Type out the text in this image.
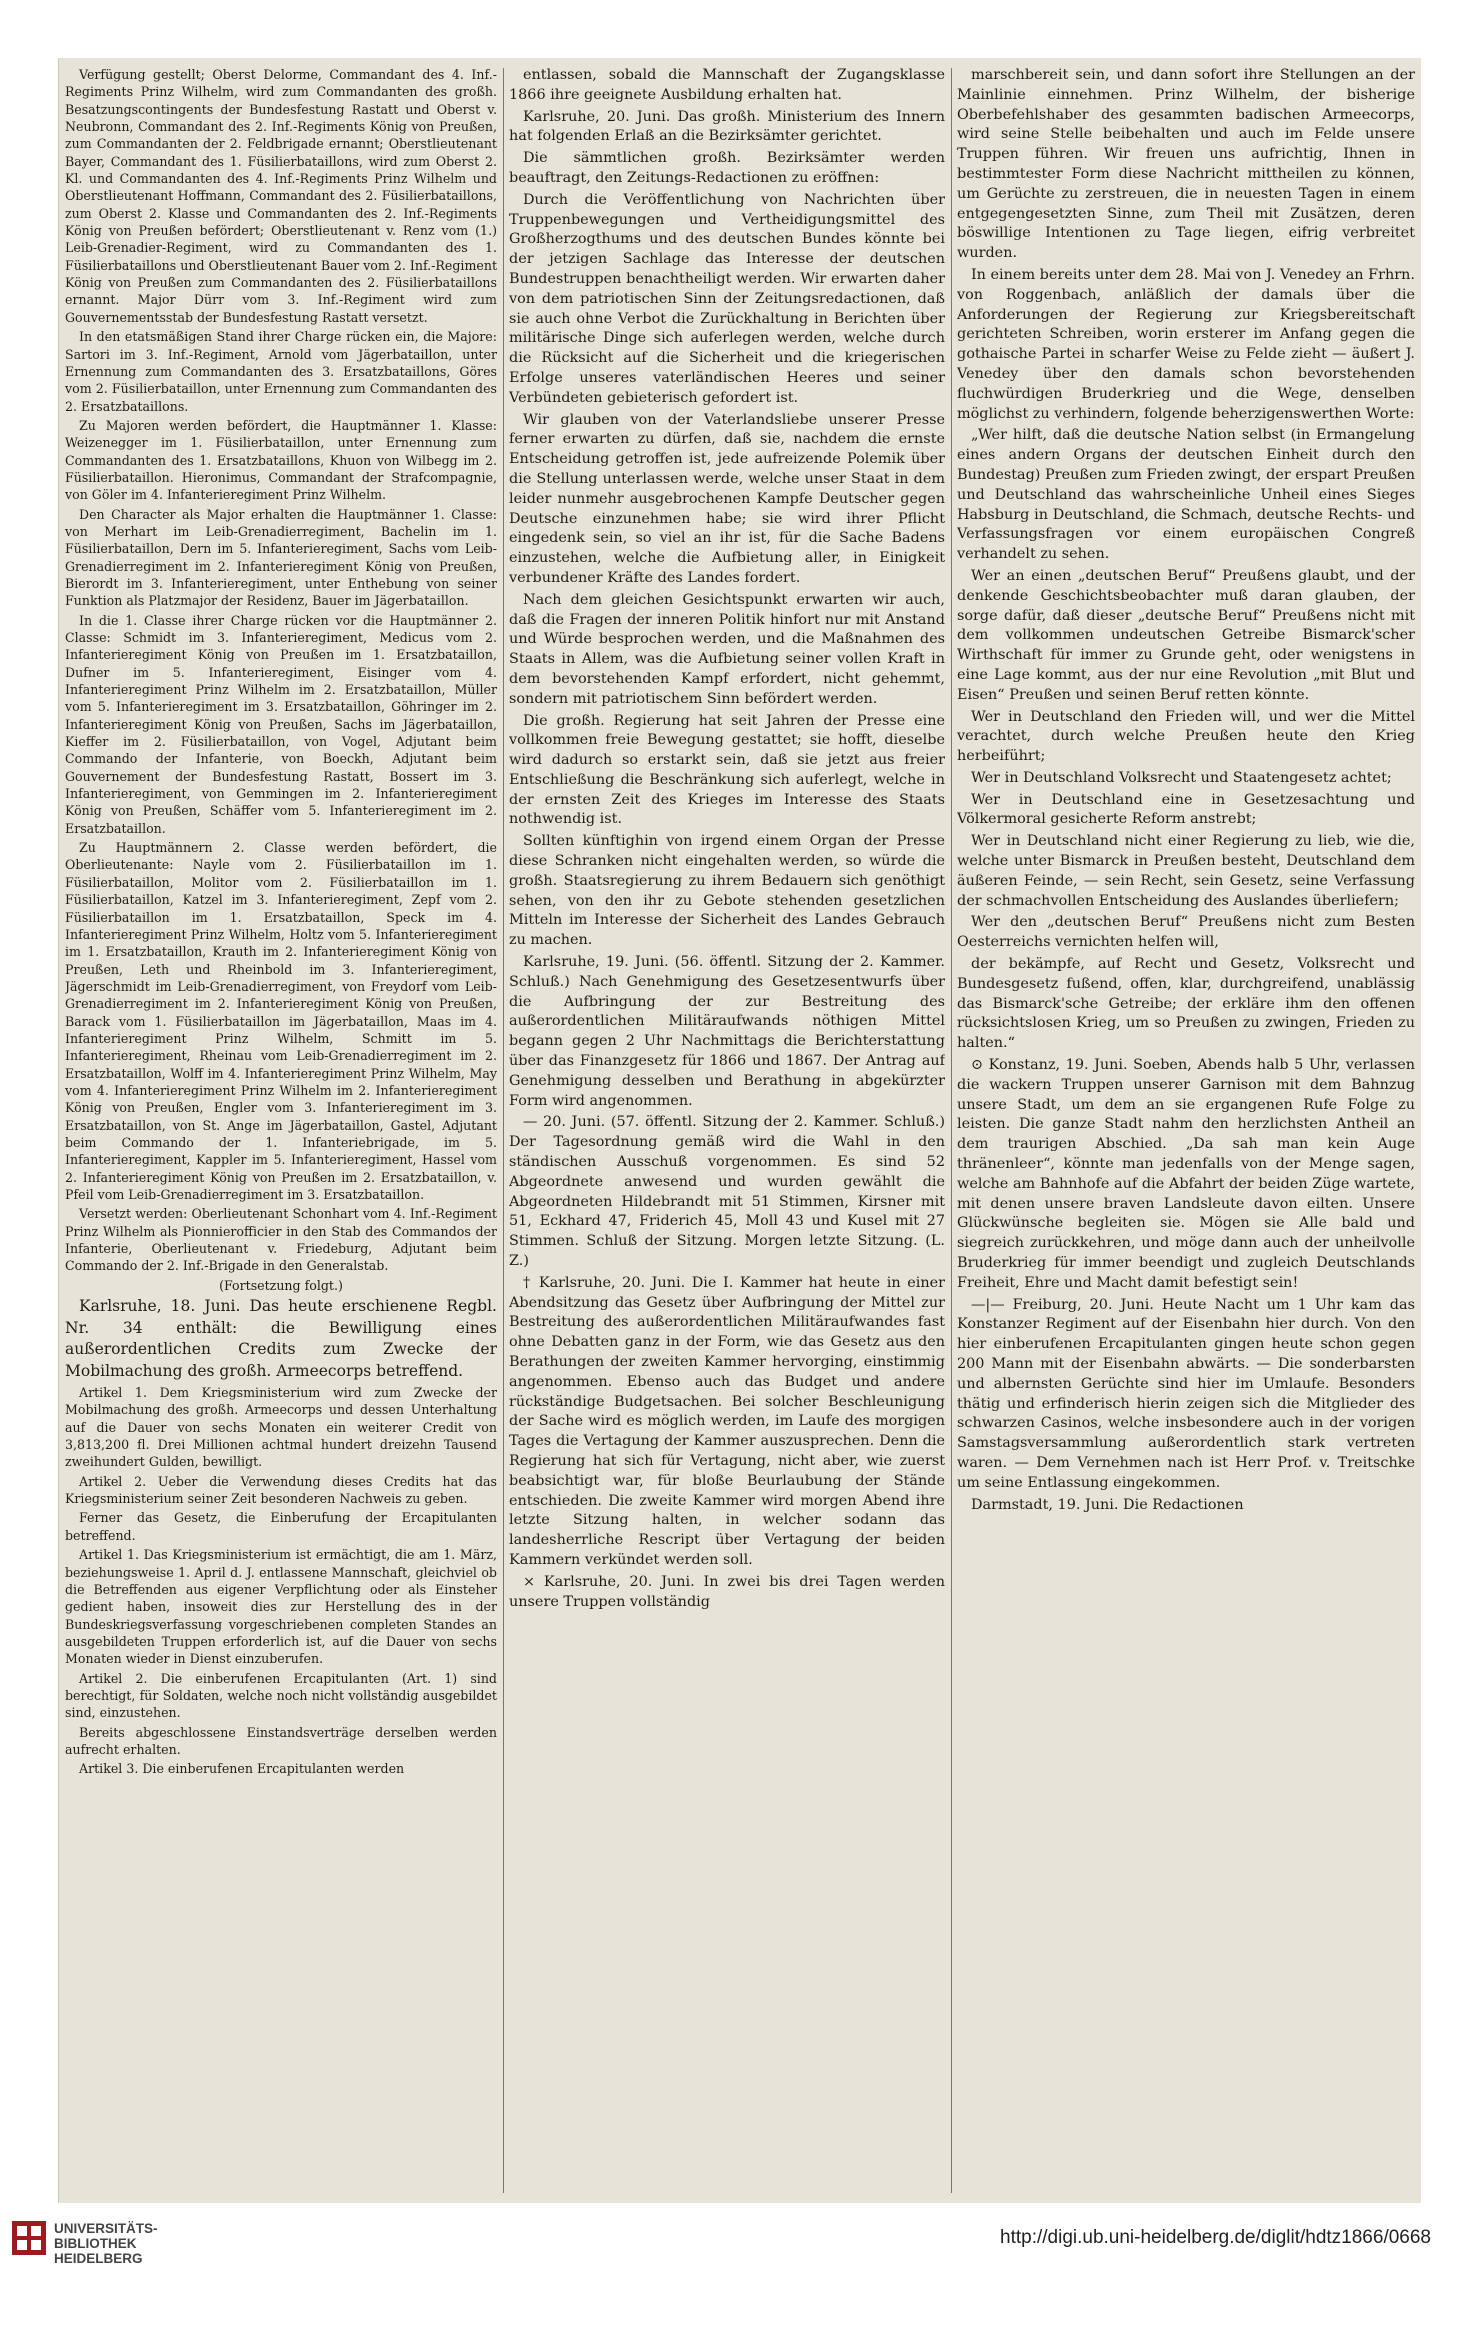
Verfügung gestellt; Oberst Delorme, Commandant des 4. Inf.-Regiments Prinz Wilhelm, wird zum Commandanten des großh. Besatzungscontingents der Bundesfestung Rastatt und Oberst v. Neubronn, Commandant des 2. Inf.-Regiments König von Preußen, zum Commandanten der 2. Feldbrigade ernannt; Oberstlieutenant Bayer, Commandant des 1. Füsilierbataillons, wird zum Oberst 2. Kl. und Commandanten des 4. Inf.-Regiments Prinz Wilhelm und Oberstlieutenant Hoffmann, Commandant des 2. Füsilierbataillons, zum Oberst 2. Klasse und Commandanten des 2. Inf.-Regiments König von Preußen befördert; Oberstlieutenant v. Renz vom (1.) Leib-Grenadier-Regiment, wird zu Commandanten des 1. Füsilierbataillons und Oberstlieutenant Bauer vom 2. Inf.-Regiment König von Preußen zum Commandanten des 2. Füsilierbataillons ernannt. Major Dürr vom 3. Inf.-Regiment wird zum Gouvernementsstab der Bundesfestung Rastatt versetzt.

In den etatsmäßigen Stand ihrer Charge rücken ein, die Majore: Sartori im 3. Inf.-Regiment, Arnold vom Jägerbataillon, unter Ernennung zum Commandanten des 3. Ersatzbataillons, Göres vom 2. Füsilierbataillon, unter Ernennung zum Commandanten des 2. Ersatzbataillons.

Zu Majoren werden befördert, die Hauptmänner 1. Klasse: Weizenegger im 1. Füsilierbataillon, unter Ernennung zum Commandanten des 1. Ersatzbataillons, Khuon von Wilbegg im 2. Füsilierbataillon. Hieronimus, Commandant der Strafcompagnie, von Göler im 4. Infanterieregiment Prinz Wilhelm.

Den Character als Major erhalten die Hauptmänner 1. Classe: von Merhart im Leib-Grenadierregiment, Bachelin im 1. Füsilierbataillon, Dern im 5. Infanterieregiment, Sachs vom Leib-Grenadierregiment im 2. Infanterieregiment König von Preußen, Bierordt im 3. Infanterieregiment, unter Enthebung von seiner Funktion als Platzmajor der Residenz, Bauer im Jägerbataillon.

In die 1. Classe ihrer Charge rücken vor die Hauptmänner 2. Classe: Schmidt im 3. Infanterieregiment, Medicus vom 2. Infanterieregiment König von Preußen im 1. Ersatzbataillon, Dufner im 5. Infanterieregiment, Eisinger vom 4. Infanterieregiment Prinz Wilhelm im 2. Ersatzbataillon, Müller vom 5. Infanterieregiment im 3. Ersatzbataillon, Göhringer im 2. Infanterieregiment König von Preußen, Sachs im Jägerbataillon, Kieffer im 2. Füsilierbataillon, von Vogel, Adjutant beim Commando der Infanterie, von Boeckh, Adjutant beim Gouvernement der Bundesfestung Rastatt, Bossert im 3. Infanterieregiment, von Gemmingen im 2. Infanterieregiment König von Preußen, Schäffer vom 5. Infanterieregiment im 2. Ersatzbataillon.

Zu Hauptmännern 2. Classe werden befördert, die Oberlieutenante: Nayle vom 2. Füsilierbataillon im 1. Füsilierbataillon, Molitor vom 2. Füsilierbataillon im 1. Füsilierbataillon, Katzel im 3. Infanterieregiment, Zepf vom 2. Füsilierbataillon im 1. Ersatzbataillon, Speck im 4. Infanterieregiment Prinz Wilhelm, Holtz vom 5. Infanterieregiment im 1. Ersatzbataillon, Krauth im 2. Infanterieregiment König von Preußen, Leth und Rheinbold im 3. Infanterieregiment, Jägerschmidt im Leib-Grenadierregiment, von Freydorf vom Leib-Grenadierregiment im 2. Infanterieregiment König von Preußen, Barack vom 1. Füsilierbataillon im Jägerbataillon, Maas im 4. Infanterieregiment Prinz Wilhelm, Schmitt im 5. Infanterieregiment, Rheinau vom Leib-Grenadierregiment im 2. Ersatzbataillon, Wolff im 4. Infanterieregiment Prinz Wilhelm, May vom 4. Infanterieregiment Prinz Wilhelm im 2. Infanterieregiment König von Preußen, Engler vom 3. Infanterieregiment im 3. Ersatzbataillon, von St. Ange im Jägerbataillon, Gastel, Adjutant beim Commando der 1. Infanteriebrigade, im 5. Infanterieregiment, Kappler im 5. Infanterieregiment, Hassel vom 2. Infanterieregiment König von Preußen im 2. Ersatzbataillon, v. Pfeil vom Leib-Grenadierregiment im 3. Ersatzbataillon.

Versetzt werden: Oberlieutenant Schonhart vom 4. Inf.-Regiment Prinz Wilhelm als Pionnierofficier in den Stab des Commandos der Infanterie, Oberlieutenant v. Friedeburg, Adjutant beim Commando der 2. Inf.-Brigade in den Generalstab.

(Fortsetzung folgt.)

Karlsruhe, 18. Juni. Das heute erschienene Regbl. Nr. 34 enthält: die Bewilligung eines außerordentlichen Credits zum Zwecke der Mobilmachung des großh. Armeecorps betreffend.

Artikel 1. Dem Kriegsministerium wird zum Zwecke der Mobilmachung des großh. Armeecorps und dessen Unterhaltung auf die Dauer von sechs Monaten ein weiterer Credit von 3,813,200 fl. Drei Millionen achtmal hundert dreizehn Tausend zweihundert Gulden, bewilligt.

Artikel 2. Ueber die Verwendung dieses Credits hat das Kriegsministerium seiner Zeit besonderen Nachweis zu geben.

Ferner das Gesetz, die Einberufung der Ercapitulanten betreffend.

Artikel 1. Das Kriegsministerium ist ermächtigt, die am 1. März, beziehungsweise 1. April d. J. entlassene Mannschaft, gleichviel ob die Betreffenden aus eigener Verpflichtung oder als Einsteher gedient haben, insoweit dies zur Herstellung des in der Bundeskriegsverfassung vorgeschriebenen completen Standes an ausgebildeten Truppen erforderlich ist, auf die Dauer von sechs Monaten wieder in Dienst einzuberufen.

Artikel 2. Die einberufenen Ercapitulanten (Art. 1) sind berechtigt, für Soldaten, welche noch nicht vollständig ausgebildet sind, einzustehen.

Bereits abgeschlossene Einstandsverträge derselben werden aufrecht erhalten.

Artikel 3. Die einberufenen Ercapitulanten werden

entlassen, sobald die Mannschaft der Zugangsklasse 1866 ihre geeignete Ausbildung erhalten hat.

Karlsruhe, 20. Juni. Das großh. Ministerium des Innern hat folgenden Erlaß an die Bezirksämter gerichtet.

Die sämmtlichen großh. Bezirksämter werden beauftragt, den Zeitungs-Redactionen zu eröffnen:

Durch die Veröffentlichung von Nachrichten über Truppenbewegungen und Vertheidigungsmittel des Großherzogthums und des deutschen Bundes könnte bei der jetzigen Sachlage das Interesse der deutschen Bundestruppen benachtheiligt werden. Wir erwarten daher von dem patriotischen Sinn der Zeitungsredactionen, daß sie auch ohne Verbot die Zurückhaltung in Berichten über militärische Dinge sich auferlegen werden, welche durch die Rücksicht auf die Sicherheit und die kriegerischen Erfolge unseres vaterländischen Heeres und seiner Verbündeten gebieterisch gefordert ist.

Wir glauben von der Vaterlandsliebe unserer Presse ferner erwarten zu dürfen, daß sie, nachdem die ernste Entscheidung getroffen ist, jede aufreizende Polemik über die Stellung unterlassen werde, welche unser Staat in dem leider nunmehr ausgebrochenen Kampfe Deutscher gegen Deutsche einzunehmen habe; sie wird ihrer Pflicht eingedenk sein, so viel an ihr ist, für die Sache Badens einzustehen, welche die Aufbietung aller, in Einigkeit verbundener Kräfte des Landes fordert.

Nach dem gleichen Gesichtspunkt erwarten wir auch, daß die Fragen der inneren Politik hinfort nur mit Anstand und Würde besprochen werden, und die Maßnahmen des Staats in Allem, was die Aufbietung seiner vollen Kraft in dem bevorstehenden Kampf erfordert, nicht gehemmt, sondern mit patriotischem Sinn befördert werden.

Die großh. Regierung hat seit Jahren der Presse eine vollkommen freie Bewegung gestattet; sie hofft, dieselbe wird dadurch so erstarkt sein, daß sie jetzt aus freier Entschließung die Beschränkung sich auferlegt, welche in der ernsten Zeit des Krieges im Interesse des Staats nothwendig ist.

Sollten künftighin von irgend einem Organ der Presse diese Schranken nicht eingehalten werden, so würde die großh. Staatsregierung zu ihrem Bedauern sich genöthigt sehen, von den ihr zu Gebote stehenden gesetzlichen Mitteln im Interesse der Sicherheit des Landes Gebrauch zu machen.

Karlsruhe, 19. Juni. (56. öffentl. Sitzung der 2. Kammer. Schluß.) Nach Genehmigung des Gesetzesentwurfs über die Aufbringung der zur Bestreitung des außerordentlichen Militäraufwands nöthigen Mittel begann gegen 2 Uhr Nachmittags die Berichterstattung über das Finanzgesetz für 1866 und 1867. Der Antrag auf Genehmigung desselben und Berathung in abgekürzter Form wird angenommen.

— 20. Juni. (57. öffentl. Sitzung der 2. Kammer. Schluß.) Der Tagesordnung gemäß wird die Wahl in den ständischen Ausschuß vorgenommen. Es sind 52 Abgeordnete anwesend und wurden gewählt die Abgeordneten Hildebrandt mit 51 Stimmen, Kirsner mit 51, Eckhard 47, Friderich 45, Moll 43 und Kusel mit 27 Stimmen. Schluß der Sitzung. Morgen letzte Sitzung. (L. Z.)

† Karlsruhe, 20. Juni. Die I. Kammer hat heute in einer Abendsitzung das Gesetz über Aufbringung der Mittel zur Bestreitung des außerordentlichen Militäraufwandes fast ohne Debatten ganz in der Form, wie das Gesetz aus den Berathungen der zweiten Kammer hervorging, einstimmig angenommen. Ebenso auch das Budget und andere rückständige Budgetsachen. Bei solcher Beschleunigung der Sache wird es möglich werden, im Laufe des morgigen Tages die Vertagung der Kammer auszusprechen. Denn die Regierung hat sich für Vertagung, nicht aber, wie zuerst beabsichtigt war, für bloße Beurlaubung der Stände entschieden. Die zweite Kammer wird morgen Abend ihre letzte Sitzung halten, in welcher sodann das landesherrliche Rescript über Vertagung der beiden Kammern verkündet werden soll.

× Karlsruhe, 20. Juni. In zwei bis drei Tagen werden unsere Truppen vollständig

marschbereit sein, und dann sofort ihre Stellungen an der Mainlinie einnehmen. Prinz Wilhelm, der bisherige Oberbefehlshaber des gesammten badischen Armeecorps, wird seine Stelle beibehalten und auch im Felde unsere Truppen führen. Wir freuen uns aufrichtig, Ihnen in bestimmtester Form diese Nachricht mittheilen zu können, um Gerüchte zu zerstreuen, die in neuesten Tagen in einem entgegengesetzten Sinne, zum Theil mit Zusätzen, deren böswillige Intentionen zu Tage liegen, eifrig verbreitet wurden.

In einem bereits unter dem 28. Mai von J. Venedey an Frhrn. von Roggenbach, anläßlich der damals über die Anforderungen der Regierung zur Kriegsbereitschaft gerichteten Schreiben, worin ersterer im Anfang gegen die gothaische Partei in scharfer Weise zu Felde zieht — äußert J. Venedey über den damals schon bevorstehenden fluchwürdigen Bruderkrieg und die Wege, denselben möglichst zu verhindern, folgende beherzigenswerthen Worte:

„Wer hilft, daß die deutsche Nation selbst (in Ermangelung eines andern Organs der deutschen Einheit durch den Bundestag) Preußen zum Frieden zwingt, der erspart Preußen und Deutschland das wahrscheinliche Unheil eines Sieges Habsburg in Deutschland, die Schmach, deutsche Rechts- und Verfassungsfragen vor einem europäischen Congreß verhandelt zu sehen.

Wer an einen „deutschen Beruf“ Preußens glaubt, und der denkende Geschichtsbeobachter muß daran glauben, der sorge dafür, daß dieser „deutsche Beruf“ Preußens nicht mit dem vollkommen undeutschen Getreibe Bismarck'scher Wirthschaft für immer zu Grunde geht, oder wenigstens in eine Lage kommt, aus der nur eine Revolution „mit Blut und Eisen“ Preußen und seinen Beruf retten könnte.

Wer in Deutschland den Frieden will, und wer die Mittel verachtet, durch welche Preußen heute den Krieg herbeiführt;

Wer in Deutschland Volksrecht und Staatengesetz achtet;

Wer in Deutschland eine in Gesetzesachtung und Völkermoral gesicherte Reform anstrebt;

Wer in Deutschland nicht einer Regierung zu lieb, wie die, welche unter Bismarck in Preußen besteht, Deutschland dem äußeren Feinde, — sein Recht, sein Gesetz, seine Verfassung der schmachvollen Entscheidung des Auslandes überliefern;

Wer den „deutschen Beruf“ Preußens nicht zum Besten Oesterreichs vernichten helfen will,

der bekämpfe, auf Recht und Gesetz, Volksrecht und Bundesgesetz fußend, offen, klar, durchgreifend, unablässig das Bismarck'sche Getreibe; der erkläre ihm den offenen rücksichtslosen Krieg, um so Preußen zu zwingen, Frieden zu halten.“

⊙ Konstanz, 19. Juni. Soeben, Abends halb 5 Uhr, verlassen die wackern Truppen unserer Garnison mit dem Bahnzug unsere Stadt, um dem an sie ergangenen Rufe Folge zu leisten. Die ganze Stadt nahm den herzlichsten Antheil an dem traurigen Abschied. „Da sah man kein Auge thränenleer“, könnte man jedenfalls von der Menge sagen, welche am Bahnhofe auf die Abfahrt der beiden Züge wartete, mit denen unsere braven Landsleute davon eilten. Unsere Glückwünsche begleiten sie. Mögen sie Alle bald und siegreich zurückkehren, und möge dann auch der unheilvolle Bruderkrieg für immer beendigt und zugleich Deutschlands Freiheit, Ehre und Macht damit befestigt sein!

—|— Freiburg, 20. Juni. Heute Nacht um 1 Uhr kam das Konstanzer Regiment auf der Eisenbahn hier durch. Von den hier einberufenen Ercapitulanten gingen heute schon gegen 200 Mann mit der Eisenbahn abwärts. — Die sonderbarsten und albernsten Gerüchte sind hier im Umlaufe. Besonders thätig und erfinderisch hierin zeigen sich die Mitglieder des schwarzen Casinos, welche insbesondere auch in der vorigen Samstagsversammlung außerordentlich stark vertreten waren. — Dem Vernehmen nach ist Herr Prof. v. Treitschke um seine Entlassung eingekommen.

Darmstadt, 19. Juni. Die Redactionen

UNIVERSITÄTS-
BIBLIOTHEK
HEIDELBERG
http://digi.ub.uni-heidelberg.de/diglit/hdtz1866/0668
